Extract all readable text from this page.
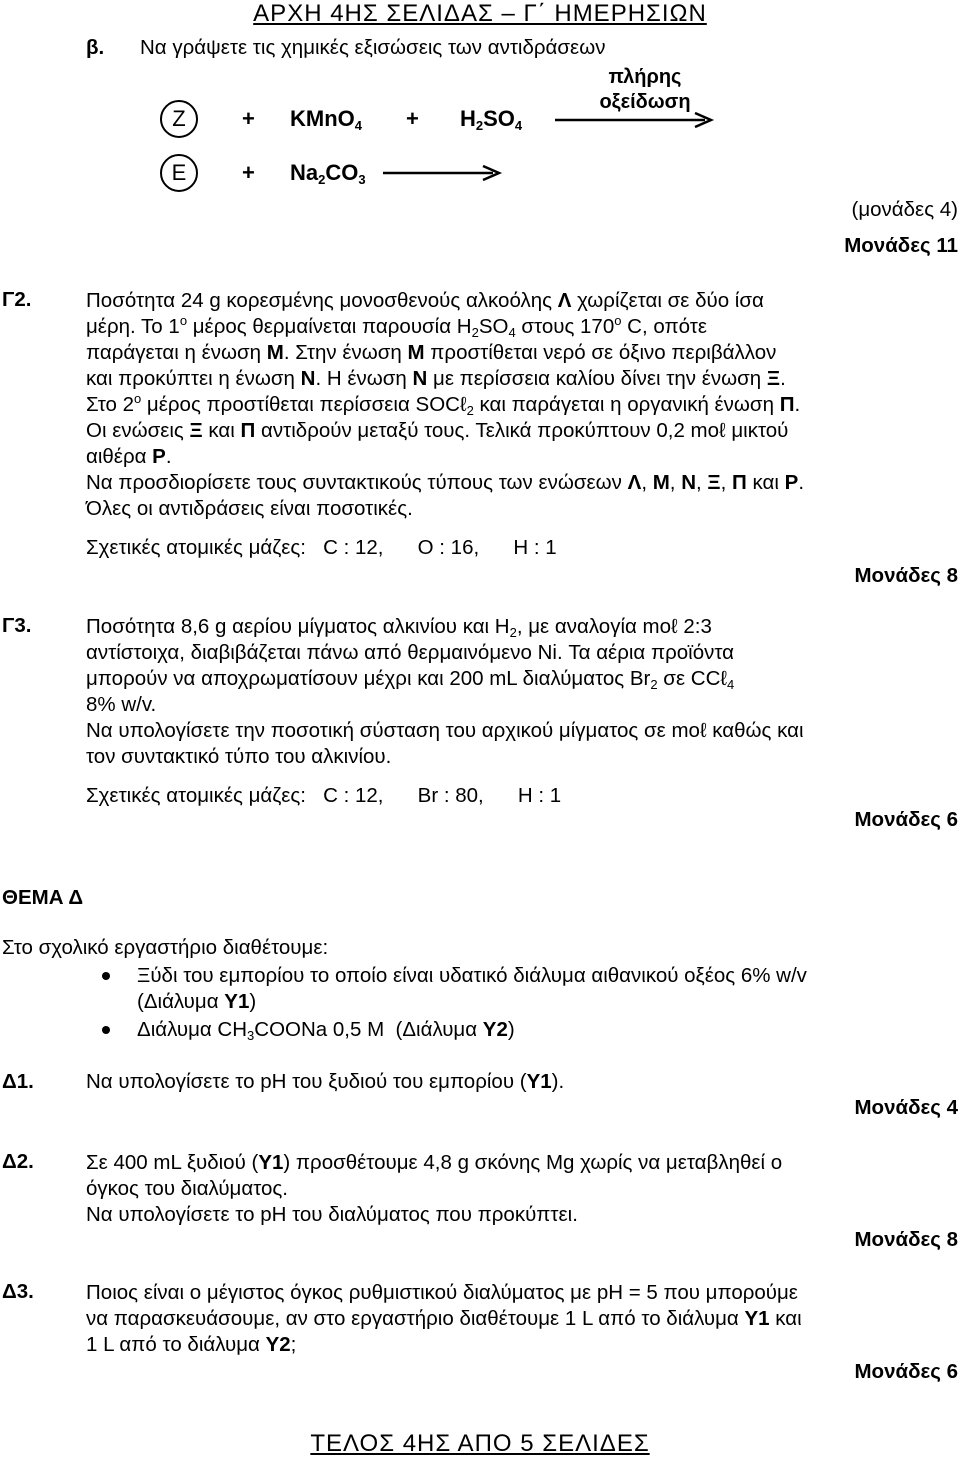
ΑΡΧΗ 4ΗΣ ΣΕΛΙΔΑΣ – Γ΄ ΗΜΕΡΗΣΙΩΝ
β. Να γράψετε τις χημικές εξισώσεις των αντιδράσεων
Z	+ KMnO$_4$ + $H_2SO_4$
πλήρης
οξείδωση
E	+ $Na_2CO_3$
(μονάδες 4)
Μονάδες 11
Γ2.	Ποσότητα 24 g κορεσμένης μονοσθενούς αλκοόλης Λ χωρίζεται σε δύο ίσα
μέρη. Το $1^o$ μέρος θερμαίνεται παρουσία $H_2SO_4$ στους $170^o$ C, οπότε
παράγεται η ένωση Μ. Στην ένωση Μ προστίθεται νερό σε όξινο περιβάλλον
και προκύπτει η ένωση Ν. Η ένωση Ν με περίσσεια καλίου δίνει την ένωση Ξ.
Στο $2^o$ μέρος προστίθεται περίσσεια SOCℓ$_2$ και παράγεται η οργανική ένωση Π.
Οι ενώσεις Ξ και Π αντιδρούν μεταξύ τους. Τελικά προκύπτουν 0,2 moℓ μικτού
αιθέρα Ρ.
Να προσδιορίσετε τους συντακτικούς τύπους των ενώσεων Λ, Μ, Ν, Ξ, Π και Ρ.
Όλες οι αντιδράσεις είναι ποσοτικές.
Σχετικές ατομικές μάζες:   C : 12,      O : 16,      H : 1
Μονάδες 8
Γ3.	Ποσότητα 8,6 g αερίου μίγματος αλκινίου και $H_2$, με αναλογία moℓ 2:3
αντίστοιχα, διαβιβάζεται πάνω από θερμαινόμενο Ni. Τα αέρια προϊόντα
μπορούν να αποχρωματίσουν μέχρι και 200 mL διαλύματος $Br_2$ σε CCℓ$_4$
8% w/v.
Να υπολογίσετε την ποσοτική σύσταση του αρχικού μίγματος σε moℓ καθώς και
τον συντακτικό τύπο του αλκινίου.
Σχετικές ατομικές μάζες:   C : 12,      Br : 80,      H : 1
Μονάδες 6
ΘΕΜΑ Δ
Στο σχολικό εργαστήριο διαθέτουμε:
Ξύδι του εμπορίου το οποίο είναι υδατικό διάλυμα αιθανικού οξέος 6% w/v
(Διάλυμα Υ1)
Διάλυμα $CH_3COONa$ 0,5 M  (Διάλυμα Υ2)
Δ1.	Να υπολογίσετε το pH του ξυδιού του εμπορίου (Υ1).
Μονάδες 4
Δ2.	Σε 400 mL ξυδιού (Υ1) προσθέτουμε 4,8 g σκόνης Mg χωρίς να μεταβληθεί ο
όγκος του διαλύματος.
Να υπολογίσετε το pH του διαλύματος που προκύπτει.
Μονάδες 8
Δ3.	Ποιος είναι ο μέγιστος όγκος ρυθμιστικού διαλύματος με pH = 5 που μπορούμε
να παρασκευάσουμε, αν στο εργαστήριο διαθέτουμε 1 L από το διάλυμα Υ1 και
1 L από το διάλυμα Υ2;
Μονάδες 6
ΤΕΛΟΣ 4ΗΣ ΑΠΟ 5 ΣΕΛΙΔΕΣ
